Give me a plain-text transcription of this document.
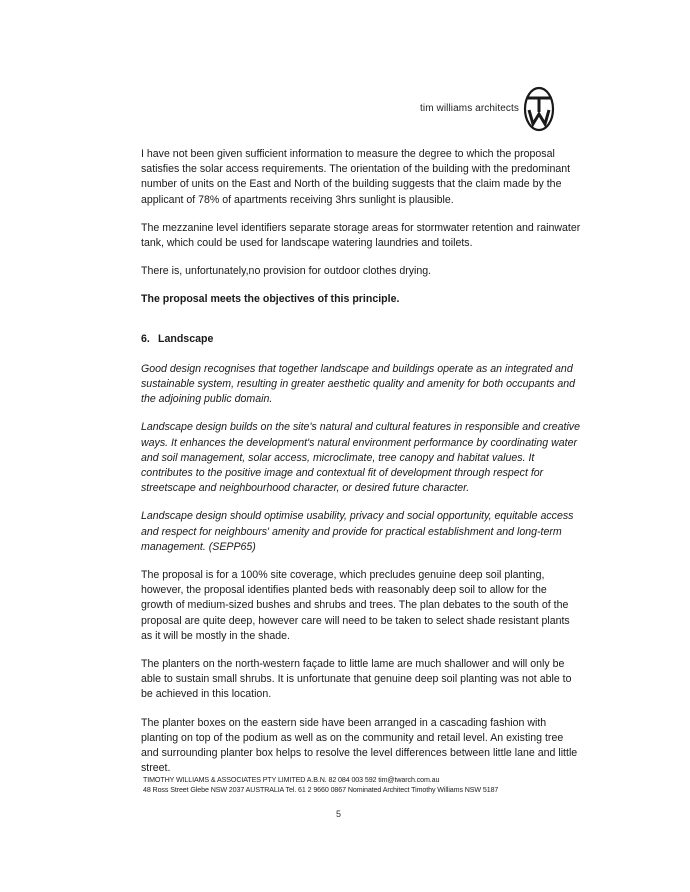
tim williams architects

I have not been given sufficient information to measure the degree to which the proposal satisfies the solar access requirements. The orientation of the building with the predominant number of units on the East and North of the building suggests that the claim made by the applicant of 78% of apartments receiving 3hrs sunlight is plausible.

The mezzanine level identifiers separate storage areas for stormwater retention and rainwater tank, which could be used for landscape watering laundries and toilets.

There is, unfortunately,no provision for outdoor clothes drying.

The proposal meets the objectives of this principle.

6. Landscape

Good design recognises that together landscape and buildings operate as an integrated and sustainable system, resulting in greater aesthetic quality and amenity for both occupants and the adjoining public domain.

Landscape design builds on the site's natural and cultural features in responsible and creative ways. It enhances the development's natural environment performance by coordinating water and soil management, solar access, microclimate, tree canopy and habitat values. It contributes to the positive image and contextual fit of development through respect for streetscape and neighbourhood character, or desired future character.

Landscape design should optimise usability, privacy and social opportunity, equitable access and respect for neighbours' amenity and provide for practical establishment and long-term management. (SEPP65)

The proposal is for a 100% site coverage, which precludes genuine deep soil planting, however, the proposal identifies planted beds with reasonably deep soil to allow for the growth of medium-sized bushes and shrubs and trees. The plan debates to the south of the proposal are quite deep, however care will need to be taken to select shade resistant plants as it will be mostly in the shade.

The planters on the north-western façade to little lame are much shallower and will only be able to sustain small shrubs. It is unfortunate that genuine deep soil planting was not able to be achieved in this location.

The planter boxes on the eastern side have been arranged in a cascading fashion with planting on top of the podium as well as on the community and retail level. An existing tree and surrounding planter box helps to resolve the level differences between little lane and little street.

TIMOTHY WILLIAMS & ASSOCIATES PTY LIMITED A.B.N. 82 084 003 592 tim@twarch.com.au
48 Ross Street Glebe NSW 2037 AUSTRALIA Tel. 61 2 9660 0867 Nominated Architect Timothy Williams NSW 5187
5
